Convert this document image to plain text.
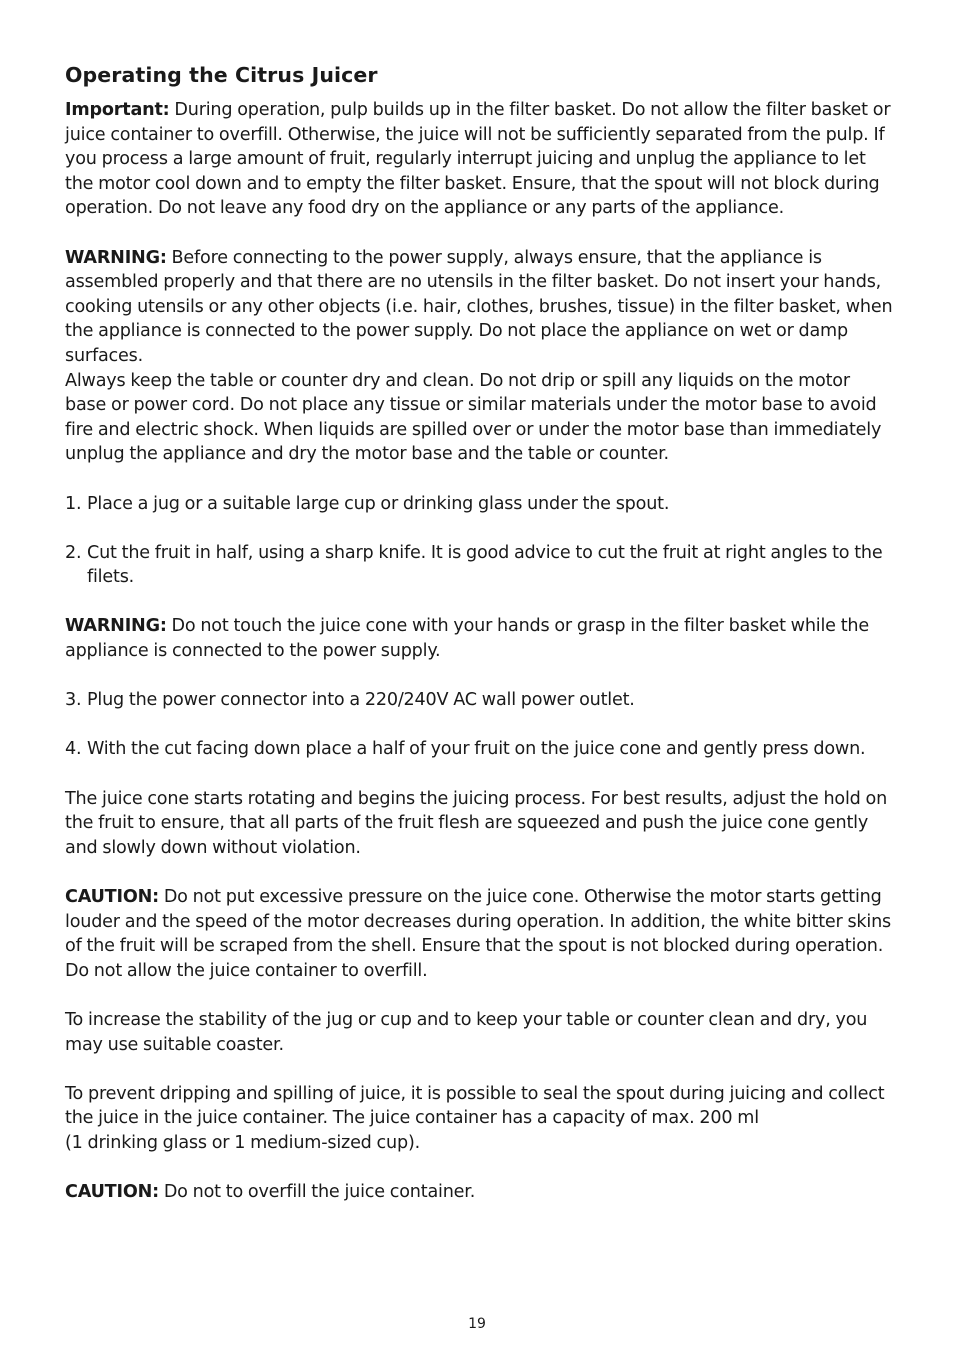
Operating the Citrus Juicer

Important: During operation, pulp builds up in the filter basket. Do not allow the filter basket or juice container to overfill. Otherwise, the juice will not be sufficiently separated from the pulp. If you process a large amount of fruit, regularly interrupt juicing and unplug the appliance to let the motor cool down and to empty the filter basket. Ensure, that the spout will not block during operation. Do not leave any food dry on the appliance or any parts of the appliance.

WARNING: Before connecting to the power supply, always ensure, that the appliance is assembled properly and that there are no utensils in the filter basket. Do not insert your hands, cooking utensils or any other objects (i.e. hair, clothes, brushes, tissue) in the filter basket, when the appliance is connected to the power supply. Do not place the appliance on wet or damp surfaces.

Always keep the table or counter dry and clean. Do not drip or spill any liquids on the motor base or power cord. Do not place any tissue or similar materials under the motor base to avoid fire and electric shock. When liquids are spilled over or under the motor base than immediately unplug the appliance and dry the motor base and the table or counter.

1. Place a jug or a suitable large cup or drinking glass under the spout.
2. Cut the fruit in half, using a sharp knife. It is good advice to cut the fruit at right angles to the filets.

WARNING: Do not touch the juice cone with your hands or grasp in the filter basket while the appliance is connected to the power supply.

3. Plug the power connector into a 220/240V AC wall power outlet.
4. With the cut facing down place a half of your fruit on the juice cone and gently press down.

The juice cone starts rotating and begins the juicing process. For best results, adjust the hold on the fruit to ensure, that all parts of the fruit flesh are squeezed and push the juice cone gently and slowly down without violation.

CAUTION: Do not put excessive pressure on the juice cone. Otherwise the motor starts getting louder and the speed of the motor decreases during operation. In addition, the white bitter skins of the fruit will be scraped from the shell. Ensure that the spout is not blocked during operation. Do not allow the juice container to overfill.

To increase the stability of the jug or cup and to keep your table or counter clean and dry, you may use suitable coaster.

To prevent dripping and spilling of juice, it is possible to seal the spout during juicing and collect the juice in the juice container. The juice container has a capacity of max. 200 ml
(1 drinking glass or 1 medium-sized cup).

CAUTION: Do not to overfill the juice container.

19
